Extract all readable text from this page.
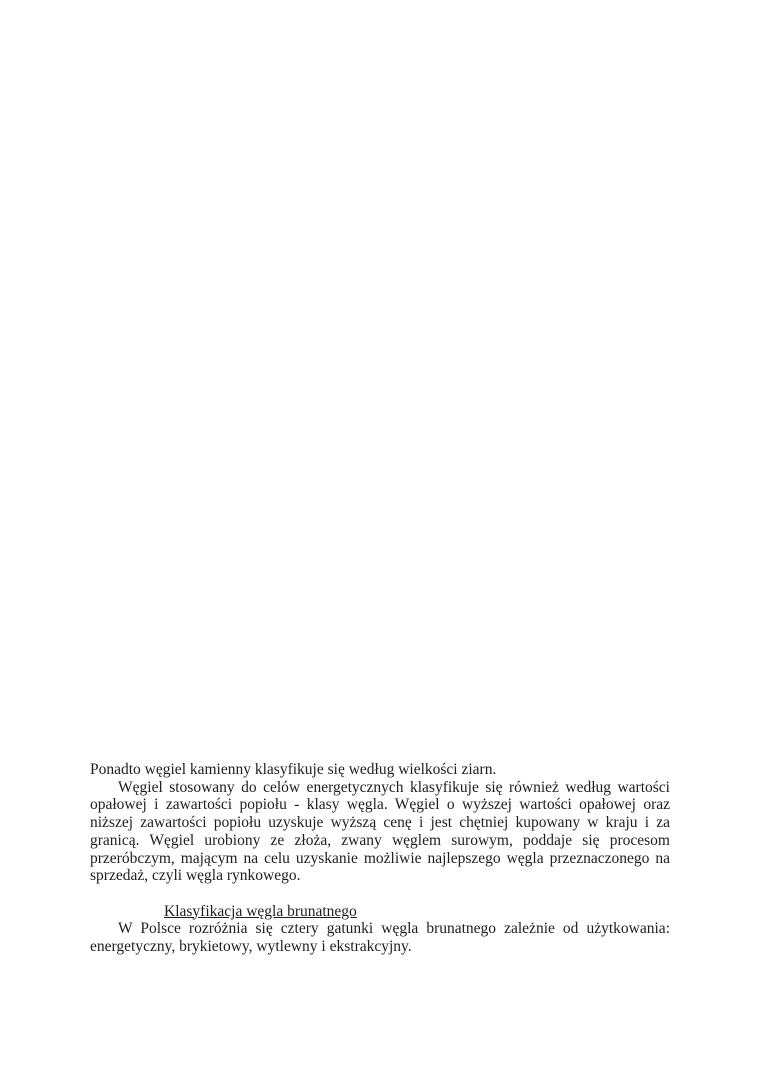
Ponadto węgiel kamienny klasyfikuje się według wielkości ziarn.

Węgiel stosowany do celów energetycznych klasyfikuje się również według wartości opałowej i zawartości popiołu - klasy węgla. Węgiel o wyższej wartości opałowej oraz niższej zawartości popiołu uzyskuje wyższą cenę i jest chętniej kupowany w kraju i za granicą. Węgiel urobiony ze złoża, zwany węglem surowym, poddaje się procesom przeróbczym, mającym na celu uzyskanie możliwie najlepszego węgla przeznaczonego na sprzedaż, czyli węgla rynkowego.

Klasyfikacja węgla brunatnego

W Polsce rozróżnia się cztery gatunki węgla brunatnego zależnie od użytkowania: energetyczny, brykietowy, wytlewny i ekstrakcyjny.
